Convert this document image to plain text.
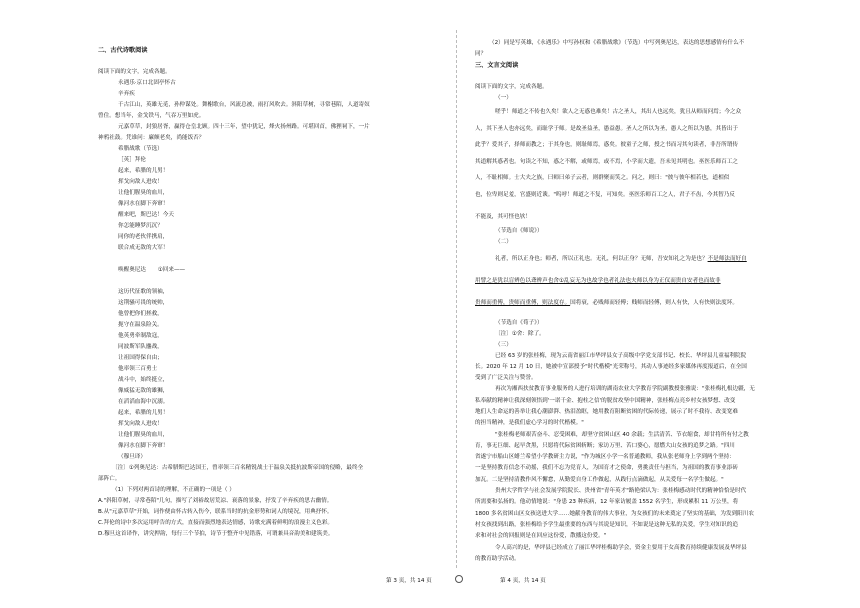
二、古代诗歌阅读

阅读下面的文字，完成各题。

永遇乐·京口北固亭怀古

辛弃疾

千古江山，英雄无觅，孙仲谋处。舞榭歌台，风流总被，雨打风吹去。斜阳草树，寻常巷陌，人道寄奴

曾住。想当年，金戈铁马，气吞万里如虎。

元嘉草草，封狼居胥，赢得仓皇北顾。四十三年，望中犹记，烽火扬州路。可堪回首，佛狸祠下，一片

神鸦社鼓。凭谁问：廉颇老矣，尚能饭否？

希腊战歌（节选）

［英］拜伦

起来，希腊的儿男！

挥戈向敌人进攻！

让他们腥臭的血川，

像河水在脚下奔窜！

醒来吧，斯巴达！今天

你怎能睡梦沉沉？

同你的老伙伴携肩，

联合成无敌的大军！

唤醒奥尼达 ①回来——

这历代征歌的领袖，

这荆骚可畏的统帅，

他曾把你们拯救，

扼守在温泉险关。

他英勇牵制敌寇，

同波斯军队鏖战，

让祖国得保自由；

他率领三百勇士

战斗中，始终挺立，

像威猛无敌的雄狮，

在滔滔血海中沉溺。

起来，希腊的儿男！

挥戈向敌人进攻！

让他们腥臭的血川，

像河水在脚下奔窜！

（穆旦译）

〔注〕①列奥尼达：古希腊斯巴达国王，曾率领三百名精锐战士于温泉关抵抗波斯帝国的侵略，最终全

部阵亡。

（1）下列对两首诗的理解，不正确的一项是（ ）

A."斜阳草树，寻常巷陌"几句，描写了刘裕故居荒凉、衰落的景象，抒发了辛弃疾的思古幽情。

B.从"元嘉草草"开始，词作便由怀古转入伤今，联系当时的抗金形势和词人的境况，用典抒怀。

C.拜伦的诗中多次运用呼告的方式，直接而强烈地表达情感，诗歌充满着鲜明的浪漫主义色彩。

D.穆旦这首译作，讲究押韵，每行三个节拍，诗节于整齐中见错落，可谓兼具音韵美和建筑美。

（2）同是写英雄，《永遇乐》中写孙权和《希腊战歌》（节选）中写列奥尼达，表达的思想感情有什么不

同？

三、文言文阅读

阅读下面的文字，完成各题。

（一）

嗟乎！师道之不传也久矣！欲人之无惑也难矣！古之圣人，其出人也远矣，犹且从师而问焉；今之众

人，其下圣人也亦远矣，而耻学于师。是故圣益圣，愚益愚。圣人之所以为圣，愚人之所以为愚，其皆出于

此乎？爱其子，择师而教之；于其身也，则耻师焉，惑矣。彼童子之师，授之书而习其句读者，非吾所谓传

其道解其惑者也。句读之不知，惑之不解，或师焉，或不焉，小学而大遗，吾未见其明也。巫医乐师百工之

人，不耻相师。士大夫之族，曰师曰弟子云者，则群聚而笑之。问之，则曰："彼与彼年相若也，道相似

也，位卑则足羞，官盛则近谀。"呜呼！师道之不复，可知矣。巫医乐师百工之人，君子不齿，今其智乃反

不能及，其可怪也欤！

（节选自《师说》）

（二）

礼者，所以正身也；师者，所以正礼也。无礼，何以正身？无师，吾安知礼之为是也？不是师法而好自

用譬之是犹以盲辨色以聋辨声也舍①乱妄无为也故学也者礼法也夫师以身为正仪而贵自安者也而故非

贵师而重傅，贵师而重傅，则法度存。国将衰，必贱师而轻傅；贱师而轻傅，则人有快，人有快则法度坏。

（节选自《荀子》）

〔注〕①舍：除了。

（三）

已经 63 岁的张桂梅，现为云南省丽江市华坪县女子高级中学党支部书记、校长、华坪县儿童福利院院

长。2020 年 12 月 10 日，她被中宣部授予"时代楷模"光荣称号，其动人事迹经多家媒体再度报道后，在全国

受到了广泛关注与赞誉。

再次为湘西扶贫教育事业服务的人进行培训的湖南农业大学教育学院副教授张雅说："张桂梅扎根边疆，无

私奉献的精神让我深刻领悟到'一诺千金、抱柱之信'的脱贫攻坚中国精神，张桂梅点亮乡村女孩梦想、改变

地们人生命运的善举让我心潮澎湃、热泪盈眶，她用教育阻断贫困的代际传递，展示了时不我待、改变宽难

的担当精神，是我们虚心学习的时代楷模。"

"张桂梅老师艰苦奋斗、忍受困难，却坚守贫困山区 40 余载；生活清苦、节衣缩食，却甘将所有付之教

育，事无巨细、起早贪黑，只愿将代际贫困斩断；家访万里、苦口婆心，愿燃大山女孩的追梦之路。"四川

省遂宁市船山区蜡兰希望小学教研主力说，"作为城区小学一名普通教师，我从张老师身上学到两个坚持：

一是坚持教育信念不动摇，我们不忘为党育人，为国育才之使命，勇挑责任与担当，为祖国的教育事业添砖

加瓦。二是坚持清教作风不懈怠，从勤爱自身工作做起，从践行点滴做起，从关爱每一名学生做起。"

贵州大学哲学与社会发展学院院长、贵州省"青年英才"路艳梁认为：张桂梅感动时代的精神恰恰是时代

所需要和弘扬的。他动情地说："身患 23 种疾病，12 年家访履盖 1552 名学生，形成累积 11 万公里，将

1800 多名贫困山区女孩送进大学……她献身教育的伟大事业，为女孩们的未来奠定了坚实的基础，为发到阳川农

村女孩找到出路，张桂梅给予学生最重要的东西与其说是知识，不如说是这种无私的关爱，学生对知识的追

求和对社会的回报则是在回应这份爱，散播这份爱。"

令人高兴的是，华坪县已经成立了丽江华坪桂梅助学会，资金主要用于女高教育持续健康发展及华坪县

的教育助学活动。

第 3 页，共 14 页	第 4 页，共 14 页
